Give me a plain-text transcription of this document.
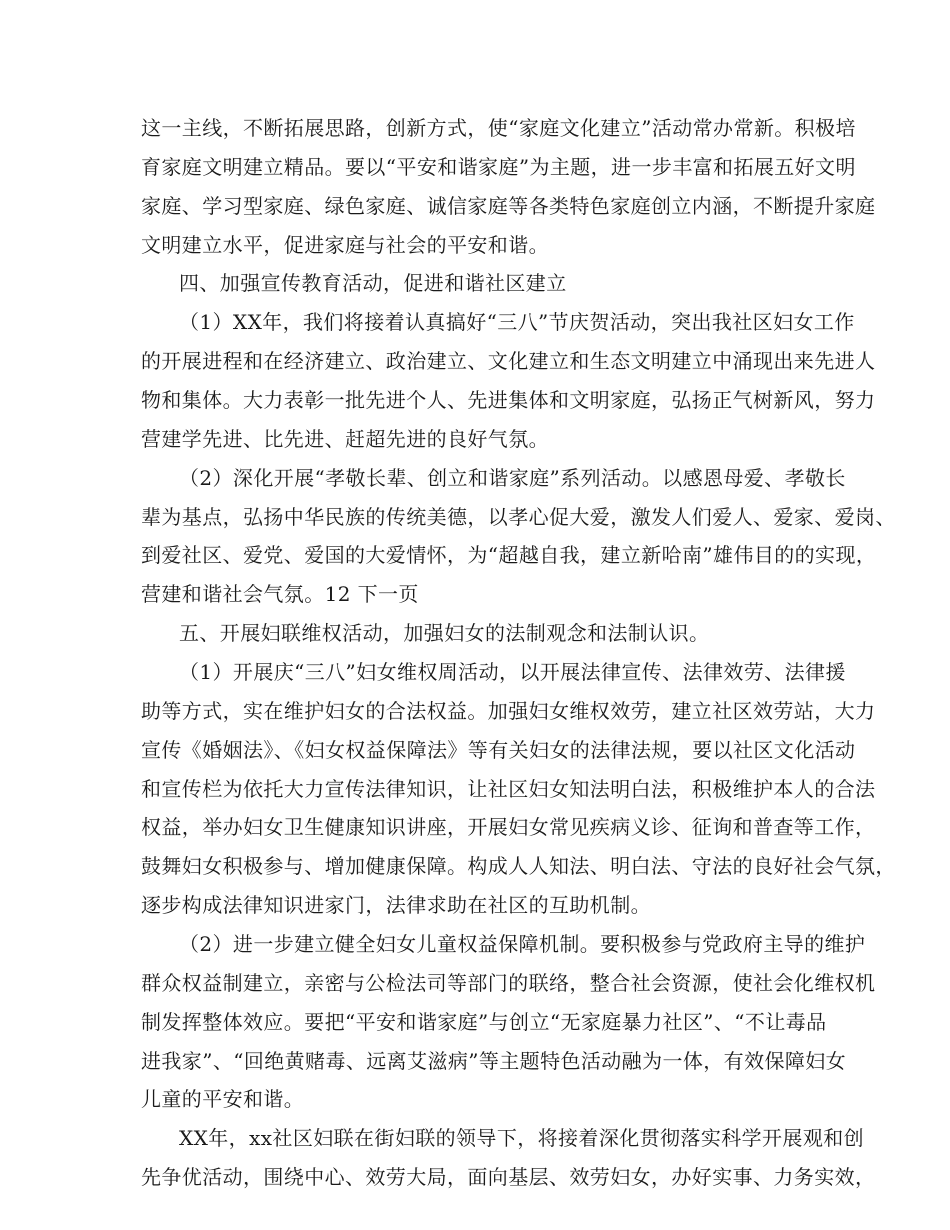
这一主线，不断拓展思路，创新方式，使“家庭文化建立”活动常办常新。积极培
育家庭文明建立精品。要以“平安和谐家庭”为主题，进一步丰富和拓展五好文明
家庭、学习型家庭、绿色家庭、诚信家庭等各类特色家庭创立内涵，不断提升家庭
文明建立水平，促进家庭与社会的平安和谐。
四、加强宣传教育活动，促进和谐社区建立
（1）XX年，我们将接着认真搞好“三八”节庆贺活动，突出我社区妇女工作
的开展进程和在经济建立、政治建立、文化建立和生态文明建立中涌现出来先进人
物和集体。大力表彰一批先进个人、先进集体和文明家庭，弘扬正气树新风，努力
营建学先进、比先进、赶超先进的良好气氛。
（2）深化开展“孝敬长辈、创立和谐家庭”系列活动。以感恩母爱、孝敬长
辈为基点，弘扬中华民族的传统美德，以孝心促大爱，激发人们爱人、爱家、爱岗、
到爱社区、爱党、爱国的大爱情怀，为“超越自我，建立新哈南”雄伟目的的实现，
营建和谐社会气氛。12 下一页
五、开展妇联维权活动，加强妇女的法制观念和法制认识。
（1）开展庆“三八”妇女维权周活动，以开展法律宣传、法律效劳、法律援
助等方式，实在维护妇女的合法权益。加强妇女维权效劳，建立社区效劳站，大力
宣传《婚姻法》、《妇女权益保障法》等有关妇女的法律法规，要以社区文化活动
和宣传栏为依托大力宣传法律知识，让社区妇女知法明白法，积极维护本人的合法
权益，举办妇女卫生健康知识讲座，开展妇女常见疾病义诊、征询和普查等工作，
鼓舞妇女积极参与、增加健康保障。构成人人知法、明白法、守法的良好社会气氛，
逐步构成法律知识进家门，法律求助在社区的互助机制。
（2）进一步建立健全妇女儿童权益保障机制。要积极参与党政府主导的维护
群众权益制建立，亲密与公检法司等部门的联络，整合社会资源，使社会化维权机
制发挥整体效应。要把“平安和谐家庭”与创立“无家庭暴力社区”、“不让毒品
进我家”、“回绝黄赌毒、远离艾滋病”等主题特色活动融为一体，有效保障妇女
儿童的平安和谐。
XX年，xx社区妇联在街妇联的领导下，将接着深化贯彻落实科学开展观和创
先争优活动，围绕中心、效劳大局，面向基层、效劳妇女，办好实事、力务实效，
